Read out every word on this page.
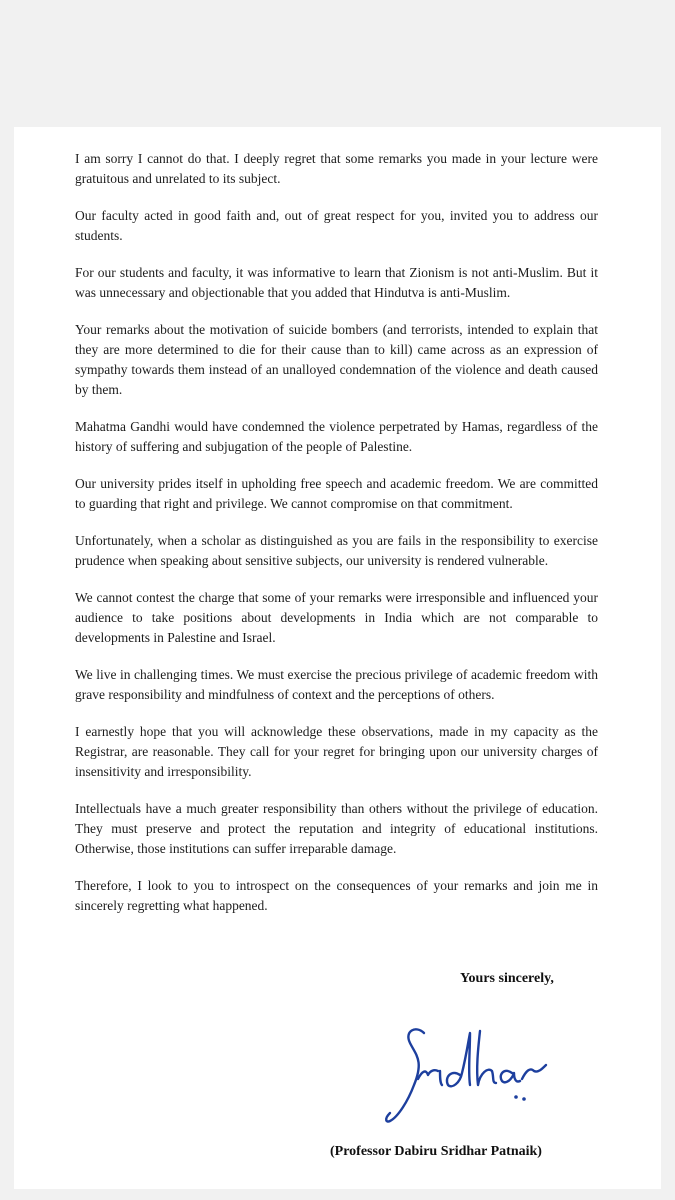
I am sorry I cannot do that. I deeply regret that some remarks you made in your lecture were gratuitous and unrelated to its subject.

Our faculty acted in good faith and, out of great respect for you, invited you to address our students.

For our students and faculty, it was informative to learn that Zionism is not anti-Muslim. But it was unnecessary and objectionable that you added that Hindutva is anti-Muslim.

Your remarks about the motivation of suicide bombers (and terrorists, intended to explain that they are more determined to die for their cause than to kill) came across as an expression of sympathy towards them instead of an unalloyed condemnation of the violence and death caused by them.

Mahatma Gandhi would have condemned the violence perpetrated by Hamas, regardless of the history of suffering and subjugation of the people of Palestine.

Our university prides itself in upholding free speech and academic freedom. We are committed to guarding that right and privilege. We cannot compromise on that commitment.

Unfortunately, when a scholar as distinguished as you are fails in the responsibility to exercise prudence when speaking about sensitive subjects, our university is rendered vulnerable.

We cannot contest the charge that some of your remarks were irresponsible and influenced your audience to take positions about developments in India which are not comparable to developments in Palestine and Israel.

We live in challenging times. We must exercise the precious privilege of academic freedom with grave responsibility and mindfulness of context and the perceptions of others.

I earnestly hope that you will acknowledge these observations, made in my capacity as the Registrar, are reasonable. They call for your regret for bringing upon our university charges of insensitivity and irresponsibility.

Intellectuals have a much greater responsibility than others without the privilege of education. They must preserve and protect the reputation and integrity of educational institutions. Otherwise, those institutions can suffer irreparable damage.

Therefore, I look to you to introspect on the consequences of your remarks and join me in sincerely regretting what happened.

Yours sincerely,
(Professor Dabiru Sridhar Patnaik)
